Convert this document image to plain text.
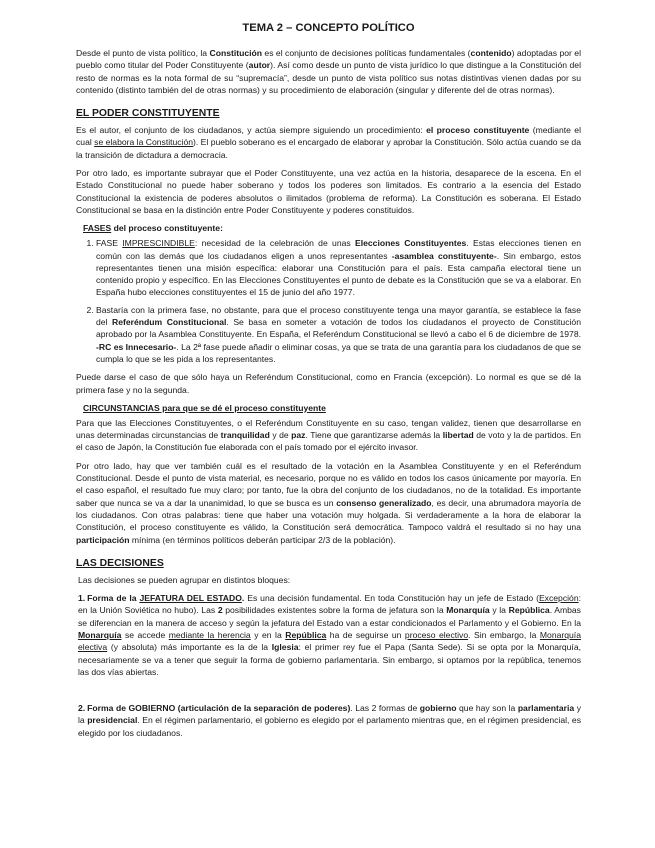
TEMA 2 – CONCEPTO POLÍTICO

Desde el punto de vista político, la Constitución es el conjunto de decisiones políticas fundamentales (contenido) adoptadas por el pueblo como titular del Poder Constituyente (autor). Así como desde un punto de vista jurídico lo que distingue a la Constitución del resto de normas es la nota formal de su “supremacía”, desde un punto de vista político sus notas distintivas vienen dadas por su contenido (distinto también del de otras normas) y su procedimiento de elaboración (singular y diferente del de otras normas).

EL PODER CONSTITUYENTE

Es el autor, el conjunto de los ciudadanos, y actúa siempre siguiendo un procedimiento: el proceso constituyente (mediante el cual se elabora la Constitución). El pueblo soberano es el encargado de elaborar y aprobar la Constitución. Sólo actúa cuando se da la transición de dictadura a democracia.

Por otro lado, es importante subrayar que el Poder Constituyente, una vez actúa en la historia, desaparece de la escena. En el Estado Constitucional no puede haber soberano y todos los poderes son limitados. Es contrario a la esencia del Estado Constitucional la existencia de poderes absolutos o ilimitados (problema de reforma). La Constitución es soberana. El Estado Constitucional se basa en la distinción entre Poder Constituyente y poderes constituidos.

FASES del proceso constituyente:
1. FASE IMPRESCINDIBLE: necesidad de la celebración de unas Elecciones Constituyentes. Estas elecciones tienen en común con las demás que los ciudadanos eligen a unos representantes -asamblea constituyente-. Sin embargo, estos representantes tienen una misión específica: elaborar una Constitución para el país. Esta campaña electoral tiene un contenido propio y específico. En las Elecciones Constituyentes el punto de debate es la Constitución que se va a elaborar. En España hubo elecciones constituyentes el 15 de junio del año 1977.
2. Bastaría con la primera fase, no obstante, para que el proceso constituyente tenga una mayor garantía, se establece la fase del Referéndum Constitucional. Se basa en someter a votación de todos los ciudadanos el proyecto de Constitución aprobado por la Asamblea Constituyente. En España, el Referéndum Constitucional se llevó a cabo el 6 de diciembre de 1978. -RC es Innecesario-. La 2ª fase puede añadir o eliminar cosas, ya que se trata de una garantía para los ciudadanos de que se cumpla lo que se les pida a los representantes.

Puede darse el caso de que sólo haya un Referéndum Constitucional, como en Francia (excepción). Lo normal es que se dé la primera fase y no la segunda.

CIRCUNSTANCIAS para que se dé el proceso constituyente

Para que las Elecciones Constituyentes, o el Referéndum Constituyente en su caso, tengan validez, tienen que desarrollarse en unas determinadas circunstancias de tranquilidad y de paz. Tiene que garantizarse además la libertad de voto y la de partidos. En el caso de Japón, la Constitución fue elaborada con el país tomado por el ejército invasor.

Por otro lado, hay que ver también cuál es el resultado de la votación en la Asamblea Constituyente y en el Referéndum Constitucional. Desde el punto de vista material, es necesario, porque no es válido en todos los casos únicamente por mayoría. En el caso español, el resultado fue muy claro; por tanto, fue la obra del conjunto de los ciudadanos, no de la totalidad. Es importante saber que nunca se va a dar la unanimidad, lo que se busca es un consenso generalizado, es decir, una abrumadora mayoría de los ciudadanos. Con otras palabras: tiene que haber una votación muy holgada. Si verdaderamente a la hora de elaborar la Constitución, el proceso constituyente es válido, la Constitución será democrática. Tampoco valdrá el resultado si no hay una participación mínima (en términos políticos deberán participar 2/3 de la población).

LAS DECISIONES

Las decisiones se pueden agrupar en distintos bloques:

1. Forma de la JEFATURA DEL ESTADO. Es una decisión fundamental. En toda Constitución hay un jefe de Estado (Excepción: en la Unión Soviética no hubo). Las 2 posibilidades existentes sobre la forma de jefatura son la Monarquía y la República. Ambas se diferencian en la manera de acceso y según la jefatura del Estado van a estar condicionados el Parlamento y el Gobierno. En la Monarquía se accede mediante la herencia y en la República ha de seguirse un proceso electivo. Sin embargo, la Monarquía electiva (y absoluta) más importante es la de la Iglesia: el primer rey fue el Papa (Santa Sede). Si se opta por la Monarquía, necesariamente se va a tener que seguir la forma de gobierno parlamentaria. Sin embargo, si optamos por la república, tenemos las dos vías abiertas.
2. Forma de GOBIERNO (articulación de la separación de poderes). Las 2 formas de gobierno que hay son la parlamentaria y la presidencial. En el régimen parlamentario, el gobierno es elegido por el parlamento mientras que, en el régimen presidencial, es elegido por los ciudadanos.
